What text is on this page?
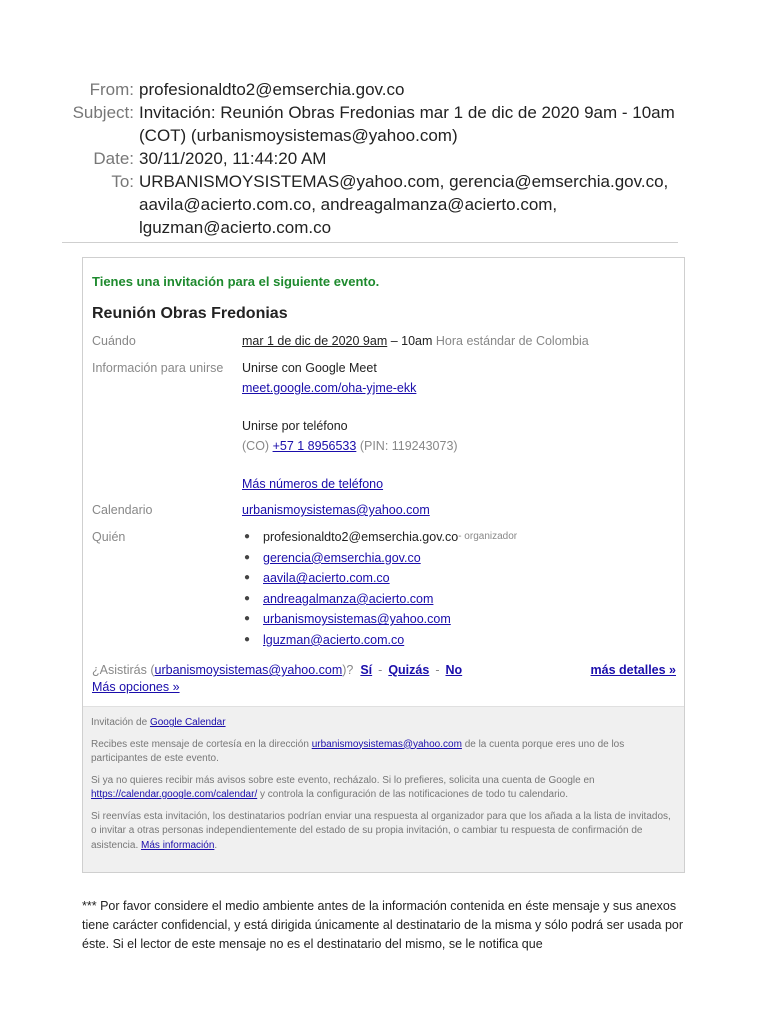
From: profesionaldto2@emserchia.gov.co
Subject: Invitación: Reunión Obras Fredonias mar 1 de dic de 2020 9am - 10am (COT) (urbanismoysistemas@yahoo.com)
Date: 30/11/2020, 11:44:20 AM
To: URBANISMOYSISTEMAS@yahoo.com, gerencia@emserchia.gov.co, aavila@acierto.com.co, andreagalmanza@acierto.com, lguzman@acierto.com.co
Tienes una invitación para el siguiente evento.
Reunión Obras Fredonias
Cuándo	mar 1 de dic de 2020 9am – 10am Hora estándar de Colombia
Información para unirse	Unirse con Google Meet
meet.google.com/oha-yjme-ekk
Unirse por teléfono
(CO) +57 1 8956533 (PIN: 119243073)
Más números de teléfono
Calendario	urbanismoysistemas@yahoo.com
Quién	●	profesionaldto2@emserchia.gov.co - organizador
●	gerencia@emserchia.gov.co
●	aavila@acierto.com.co
●	andreagalmanza@acierto.com
●	urbanismoysistemas@yahoo.com
●	lguzman@acierto.com.co
¿Asistirás (urbanismoysistemas@yahoo.com)? Sí - Quizás - No	más detalles »
Más opciones »

Invitación de Google Calendar

Recibes este mensaje de cortesía en la dirección urbanismoysistemas@yahoo.com de la cuenta porque eres uno de los participantes de este evento.

Si ya no quieres recibir más avisos sobre este evento, recházalo. Si lo prefieres, solicita una cuenta de Google en https://calendar.google.com/calendar/ y controla la configuración de las notificaciones de todo tu calendario.

Si reenvías esta invitación, los destinatarios podrían enviar una respuesta al organizador para que los añada a la lista de invitados, o invitar a otras personas independientemente del estado de su propia invitación, o cambiar tu respuesta de confirmación de asistencia. Más información.

*** Por favor considere el medio ambiente antes de la información contenida en éste mensaje y sus anexos tiene carácter confidencial, y está dirigida únicamente al destinatario de la misma y sólo podrá ser usada por éste. Si el lector de este mensaje no es el destinatario del mismo, se le notifica que
